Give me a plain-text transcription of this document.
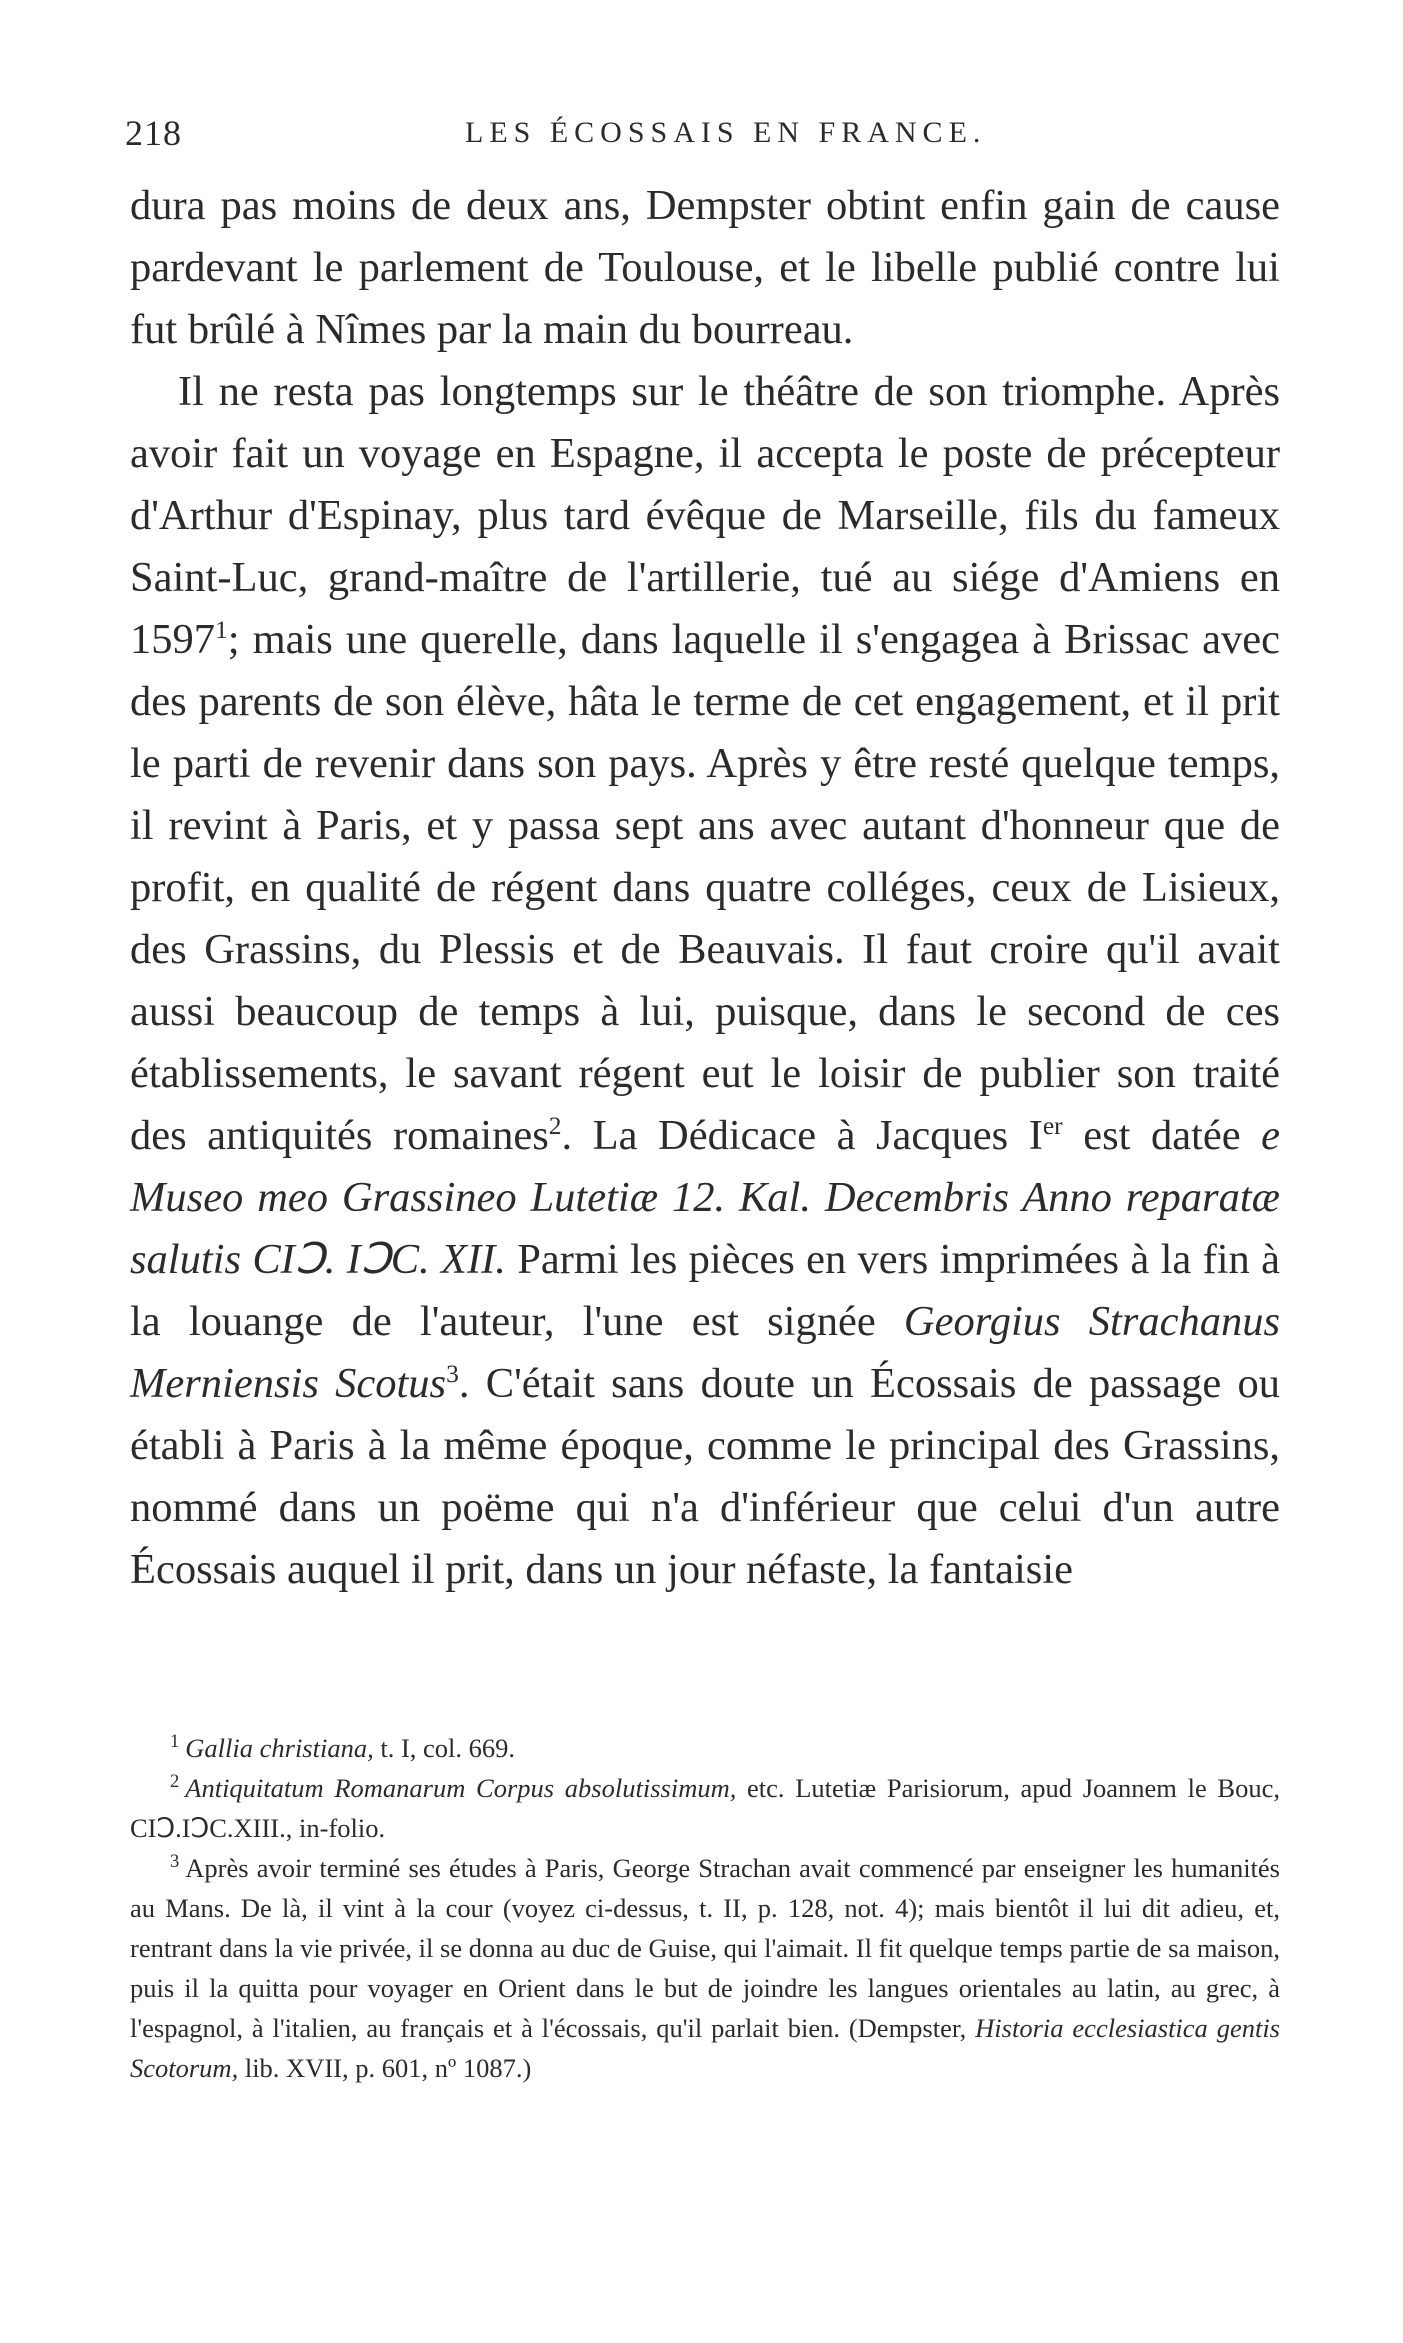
218	LES ÉCOSSAIS EN FRANCE.

dura pas moins de deux ans, Dempster obtint enfin gain de cause pardevant le parlement de Toulouse, et le libelle publié contre lui fut brûlé à Nîmes par la main du bourreau.

Il ne resta pas longtemps sur le théâtre de son triomphe. Après avoir fait un voyage en Espagne, il accepta le poste de précepteur d'Arthur d'Espinay, plus tard évêque de Marseille, fils du fameux Saint-Luc, grand-maître de l'artillerie, tué au siége d'Amiens en 1597$^1$; mais une querelle, dans laquelle il s'engagea à Brissac avec des parents de son élève, hâta le terme de cet engagement, et il prit le parti de revenir dans son pays. Après y être resté quelque temps, il revint à Paris, et y passa sept ans avec autant d'honneur que de profit, en qualité de régent dans quatre colléges, ceux de Lisieux, des Grassins, du Plessis et de Beauvais. Il faut croire qu'il avait aussi beaucoup de temps à lui, puisque, dans le second de ces établissements, le savant régent eut le loisir de publier son traité des antiquités romaines$^2$. La Dédicace à Jacques Ier est datée e Museo meo Grassineo Lutetiæ 12. Kal. Decembris Anno reparatæ salutis CIↃ. IↃC. XII. Parmi les pièces en vers imprimées à la fin à la louange de l'auteur, l'une est signée Georgius Strachanus Merniensis Scotus$^3$. C'était sans doute un Écossais de passage ou établi à Paris à la même époque, comme le principal des Grassins, nommé dans un poëme qui n'a d'inférieur que celui d'un autre Écossais auquel il prit, dans un jour néfaste, la fantaisie

$^1$ Gallia christiana, t. I, col. 669.

$^2$ Antiquitatum Romanarum Corpus absolutissimum, etc. Lutetiæ Parisiorum, apud Joannem le Bouc, CIↃ.IↃC.XIII., in-folio.

$^3$ Après avoir terminé ses études à Paris, George Strachan avait commencé par enseigner les humanités au Mans. De là, il vint à la cour (voyez ci-dessus, t. II, p. 128, not. 4); mais bientôt il lui dit adieu, et, rentrant dans la vie privée, il se donna au duc de Guise, qui l'aimait. Il fit quelque temps partie de sa maison, puis il la quitta pour voyager en Orient dans le but de joindre les langues orientales au latin, au grec, à l'espagnol, à l'italien, au français et à l'écossais, qu'il parlait bien. (Dempster, Historia ecclesiastica gentis Scotorum, lib. XVII, p. 601, nº 1087.)
